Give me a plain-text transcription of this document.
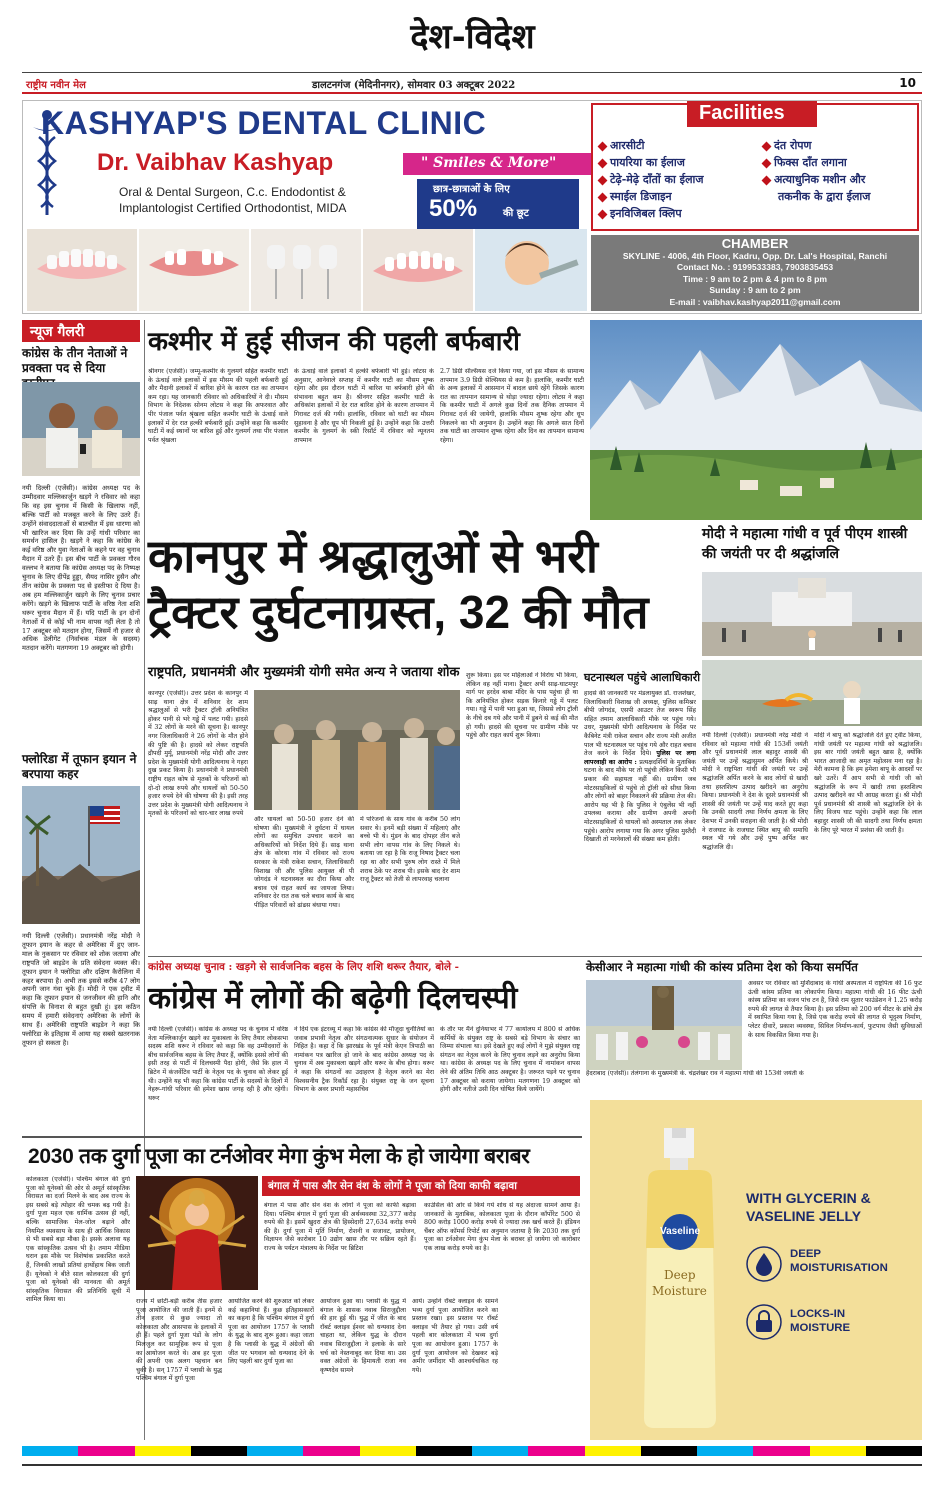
देश-विदेश
राष्ट्रीय नवीन मेल	डालटनगंज (मेदिनीनगर), सोमवार 03 अक्टूबर 2022	10
KASHYAP'S DENTAL CLINIC
Dr. Vaibhav Kashyap	" Smiles & More"
Oral & Dental Surgeon, C.c. Endodontist &
Implantologist Certified Orthodontist, MIDA
छात्र-छात्राओं के लिए
50%	की छूट
Facilities
आरसीटी
पायरिया का ईलाज
टेढ़े-मेढ़े दाँतों का ईलाज
स्माईल डिजाइन
इनविजिबल क्लिप
दंत रोपण
फिक्स दाँत लगाना
अत्याधुनिक मशीन और
तकनीक के द्वारा ईलाज
CHAMBER
SKYLINE - 4006, 4th Floor, Kadru, Opp. Dr. Lal's Hospital, Ranchi
Contact No. : 9199533383, 7903835453
Time : 9 am to 2 pm & 4 pm to 8 pm
Sunday : 9 am to 2 pm
E-mail : vaibhav.kashyap2011@gmail.com
न्यूज गैलरी
कांग्रेस के तीन नेताओं ने प्रवक्ता पद से दिया
नयी दिल्ली (एजेंसी)। कांग्रेस अध्यक्ष पद के उम्मीदवार मल्लिकार्जुन खड़गे ने रविवार को कहा कि वह इस चुनाव में किसी के खिलाफ नहीं, बल्कि पार्टी को मजबूत करने के लिए उतरे हैं। उन्होंने संवाददाताओं से बातचीत में इस धारणा को भी खारिज कर दिया कि उन्हें गांधी परिवार का समर्थन हासिल है। खड़गे ने कहा कि कांग्रेस के कई वरिष्ठ और युवा नेताओं के कहने पर वह चुनाव मैदान में उतरे हैं। इस बीच पार्टी के प्रवक्ता गौरव वल्लभ ने बताया कि कांग्रेस अध्यक्ष पद के निष्पक्ष चुनाव के लिए दीपेंद्र हुड्डा, सैयद नासिर हुसैन और तीन कांग्रेस के प्रवक्ता पद से इस्तीफा दे दिया है। अब हम मल्लिकार्जुन खड़गे के लिए चुनाव प्रचार करेंगे। खड़गे के खिलाफ पार्टी के वरिष्ठ नेता शशि थरूर चुनाव मैदान में हैं। यदि पार्टी के इन दोनों नेताओं में से कोई भी नाम वापस नहीं लेता है तो 17 अक्टूबर को मतदान होगा, जिसमें नौ हजार से अधिक डेलीगेट (निर्वाचक मंडल के सदस्य) मतदान करेंगे। मतगणना 19 अक्टूबर को होगी।
फ्लोरिडा में तूफान इयान ने बरपाया कहर
नयी दिल्ली (एजेंसी)। प्रधानमंत्री नरेंद्र मोदी ने तूफान इयान के कहर से अमेरिका में हुए जान-माल के नुकसान पर रविवार को शोक जताया और राष्ट्रपति जो बाइडेन के प्रति संवेदना व्यक्त की। तूफान इयान ने फ्लोरिडा और दक्षिण कैरोलिना में कहर बरपाया है। अभी तक इससे करीब 47 लोग अपनी जान गंवा चुके हैं। मोदी ने एक ट्वीट में कहा कि तूफान इयान से जनजीवन की हानि और संपत्ति के विनाश से बहुत दुखी हूं। इस कठिन समय में हमारी संवेदनाएं अमेरिका के लोगों के साथ हैं। अमेरिकी राष्ट्रपति बाइडेन ने कहा कि फ्लोरिडा के इतिहास में आया यह सबसे खतरनाक तूफान हो सकता है।
कश्मीर में हुई सीजन की पहली बर्फबारी
श्रीनगर (एजेंसी)। जम्मू-कश्मीर के गुलमर्ग सहित कश्मीर घाटी के ऊंचाई वाले इलाकों में इस मौसम की पहली बर्फबारी हुई और मैदानी इलाकों में बारिश होने के कारण रात का तापमान कम रहा। यह जानकारी रविवार को अधिकारियों ने दी। मौसम विभाग के निदेशक सोनम लोटस ने कहा कि अफरवात और पीर पंजाल पर्वत श्रृंखला सहित कश्मीर घाटी के ऊंचाई वाले इलाकों में देर रात हल्की बर्फबारी हुई। उन्होंने कहा कि कश्मीर घाटी में कई स्थानों पर बारिश हुई और गुलमर्ग तथा पीर पंजाल पर्वत श्रृंखला
के ऊंचाई वाले इलाकों में हल्की बर्फबारी भी हुई। लोटस के अनुसार, आनेवाले सप्ताह में कश्मीर घाटी का मौसम शुष्क रहेगा और इस दौरान घाटी में बारिश या बर्फबारी होने की संभावना बहुत कम है। श्रीनगर सहित कश्मीर घाटी के अधिकांश इलाकों में देर रात बारिश होने के कारण तापमान में गिरावट दर्ज की गयी। हालांकि, रविवार को घाटी का मौसम सुहावना है और धूप भी निकली हुई है। उन्होंने कहा कि उत्तरी कश्मीर के गुलमर्ग के स्की रिसॉर्ट में रविवार को न्यूनतम तापमान
2.7 डिग्री सेल्सियस दर्ज किया गया, जो इस मौसम के सामान्य तापमान 3.9 डिग्री सेल्सियस से कम है। हालांकि, कश्मीर घाटी के अन्य इलाकों में आसमान में बादल छाये रहेंगे जिसके कारण रात का तापमान सामान्य से थोड़ा ज्यादा रहेगा। लोटस ने कहा कि कश्मीर घाटी में अगले कुछ दिनों तक दैनिक तापमान में गिरावट दर्ज की जायेगी, हालांकि मौसम शुष्क रहेगा और धूप निकलने का भी अनुमान है। उन्होंने कहा कि अगले सात दिनों तक घाटी का तापमान शुष्क रहेगा और दिन का तापमान सामान्य रहेगा।
कानपुर में श्रद्धालुओं से भरी
ट्रैक्टर दुर्घटनाग्रस्त, 32 की मौत
राष्ट्रपति, प्रधानमंत्री और मुख्यमंत्री योगी समेत अन्य ने जताया शोक
कानपुर (एजेंसी)। उत्तर प्रदेश के कानपुर में साढ़ थाना क्षेत्र में शनिवार देर शाम श्रद्धालुओं से भरी ट्रैक्टर ट्रॉली अनियंत्रित होकर पानी से भरे गड्ढे में पलट गयी। हादसे में 32 लोगों के मरने की सूचना है। कानपुर नगर जिलाधिकारी ने 26 लोगों के मौत होने की पुष्टि की है। हादसे को लेकर राष्ट्रपति द्रौपदी मुर्मू, प्रधानमंत्री नरेंद्र मोदी और उत्तर प्रदेश के मुख्यमंत्री योगी आदित्यनाथ ने गहरा दुख प्रकट किया है। प्रधानमंत्री ने प्रधानमंत्री राष्ट्रीय राहत कोष से मृतकों के परिजनों को दो-दो लाख रुपये और घायलों को 50-50 हजार रुपये देने की घोषणा की है। इसी तरह उत्तर प्रदेश के मुख्यमंत्री योगी आदित्यनाथ ने मृतकों के परिजनों को चार-चार लाख रुपये
और घायलों को 50-50 हजार देने की घोषणा की। मुख्यमंत्री ने दुर्घटना में घायल लोगों का समुचित उपचार कराने का अधिकारियों को निर्देश दिये हैं। साढ़ थाना क्षेत्र के कोरथा गांव में रविवार को राज्य सरकार के मंत्री राकेश सचान, जिलाधिकारी विशाख जी और पुलिस आयुक्त बी पी जोगदंड ने घटनास्थल का दौरा किया और बचाव एवं राहत कार्य का जायजा लिया। शनिवार देर रात तक चले बचाव कार्य के बाद पीड़ित परिवारों को ढांढस बंधाया गया।
में परिजनों के साथ गांव के करीब 50 लोग सवार थे। इनमें बड़ी संख्या में महिलाएं और बच्चे भी थे। मुंडन के बाद दोपहर तीन बजे सभी लोग वापस गांव के लिए निकले थे। बताया जा रहा है कि राजू निषाद ट्रैक्टर चला रहा था और सभी पुरुष लोग रास्ते में मिले शराब ठेके पर शराब पी। इसके बाद देर शाम राजू ट्रैक्टर को तेजी से लापरवाह चलाना
शुरू किया। इस पर महिलाओं ने विरोध भी किया, लेकिन वह नहीं माना। ट्रैक्टर अभी साढ़-घाटमपुर मार्ग पर हरदेव बाबा मंदिर के पास पहुंचा ही था कि अनियंत्रित होकर सड़क किनारे गड्ढे में पलट गया। गड्ढे में पानी भरा हुआ था, जिससे लोग ट्रॉली के नीचे दब गये और पानी में डूबने से कई की मौत हो गयी। हादसे की सूचना पर ग्रामीण मौके पर पहुंचे और राहत कार्य शुरू किया।
घटनास्थल पहुंचे आलाधिकारी
हादसे की जानकारी पर मंडलायुक्त डॉ. राजशेखर, जिलाधिकारी विशाख जी अध्यक्ष, पुलिस कमिश्नर बीपी जोगदंड, एसपी आउटर तेज स्वरूप सिंह सहित तमाम आलाधिकारी मौके पर पहुंच गये। उधर, मुख्यमंत्री योगी आदित्यनाथ के निर्देश पर कैबिनेट मंत्री राकेश सचान और राज्य मंत्री अजीत पाल भी घटनास्थल पर पहुंच गये और राहत बचाव तेज करने के निर्देश दिये। पुलिस पर लगा लापरवाही का आरोप : प्रत्यक्षदर्शियों के मुताबिक घटना के बाद मौके पर तो पहुंची लेकिन किसी भी प्रकार की सहायता नहीं की। ग्रामीण जब मोटरसाइकिलों से पहुंचे तो ट्रॉली को सीधा किया और लोगों को बाहर निकालने की प्रक्रिया तेज की। आरोप यह भी है कि पुलिस ने एंबुलेंस भी नहीं उपलब्ध कराया और ग्रामीण अपनी अपनी मोटरसाइकिलों से घायलों को अस्पताल तक लेकर पहुंचे। आरोप लगाया गया कि अगर पुलिस मुस्तैदी दिखाती तो मरनेवालों की संख्या कम होती।
मोदी ने महात्मा गांधी व पूर्व पीएम शास्त्री की जयंती पर दी श्रद्धांजलि
नयी दिल्ली (एजेंसी)। प्रधानमंत्री नरेंद्र मोदी ने रविवार को महात्मा गांधी की 153वीं जयंती और पूर्व प्रधानमंत्री लाल बहादुर शास्त्री की जयंती पर उन्हें श्रद्धासुमन अर्पित किये। श्री मोदी ने राष्ट्रपिता गांधी की जयंती पर उन्हें श्रद्धांजलि अर्पित करने के बाद लोगों से खादी तथा हस्तशिल्प उत्पाद खरीदने का अनुरोध किया। प्रधानमंत्री ने देश के दूसरे प्रधानमंत्री श्री शास्त्री की जयंती पर उन्हें याद करते हुए कहा कि उनकी सादगी तथा निर्णय क्षमता के लिए देशभर में उनकी सराहना की जाती है। श्री मोदी ने राजघाट के राजघाट स्थित बापू की समाधि स्थल भी गये और उन्हें पुष्प अर्पित कर श्रद्धांजलि दी।
मोदी ने बापू को श्रद्धांजलि देते हुए ट्वीट किया, गांधी जयंती पर महात्मा गांधी को श्रद्धांजलि। इस बार गांधी जयंती बहुत खास है, क्योंकि भारत आजादी का अमृत महोत्सव मना रहा है। मेरी कामना है कि हम हमेशा बापू के आदर्शों पर खरे उतरें। मैं आप सभी से गांधी जी को श्रद्धांजलि के रूप में खादी तथा हस्तशिल्प उत्पाद खरीदने का भी आग्रह करता हूं। श्री मोदी पूर्व प्रधानमंत्री श्री शास्त्री को श्रद्धांजलि देने के लिए विजय घाट पहुंचे। उन्होंने कहा कि लाल बहादुर शास्त्री जी की सादगी तथा निर्णय क्षमता के लिए पूरे भारत में प्रशंसा की जाती है।
कांग्रेस अध्यक्ष चुनाव : खड़गे से सार्वजनिक बहस के लिए शशि थरूर तैयार, बोले -
कांग्रेस में लोगों की बढ़ेगी दिलचस्पी
नयी दिल्ली (एजेंसी)। कांग्रेस के अध्यक्ष पद के चुनाव में वरिष्ठ नेता मल्लिकार्जुन खड़गे का मुकाबला के लिए तैयार लोकसभा सदस्य शशि थरूर ने रविवार को कहा कि वह उम्मीदवारों के बीच सार्वजनिक बहस के लिए तैयार हैं, क्योंकि इससे लोगों की इसी तरह से पार्टी में दिलचस्पी पैदा होगी, जैसे कि हाल में ब्रिटेन में कंजर्वेटिव पार्टी के नेतृत्व पद के चुनाव को लेकर हुई थी। उन्होंने यह भी कहा कि कांग्रेस पार्टी के सदस्यों के दिलों में नेहरू-गांधी परिवार की हमेशा खास जगह रही है और रहेगी। थरूर
ने दिये एक इंटरव्यू में कहा कि कांग्रेस की मौजूदा चुनौतियों का जवाब प्रभावी नेतृत्व और संगठनात्मक सुधार के संयोजन में निहित है। कहा दें कि झारखंड के पूर्व मंत्री केएन त्रिपाठी का नामांकन पत्र खारिज हो जाने के बाद कांग्रेस अध्यक्ष पद के चुनाव में अब मुकाबला खड़गे और थरूर के बीच होगा। थरूर ने कहा कि संगठनों का उदाहरण है नेतृत्व करने का मेरा विश्वसनीय ट्रैक रिकॉर्ड रहा है। संयुक्त राष्ट्र के जन सूचना विभाग के अवर प्रभारी महासचिव
के तौर पर मैंने दुनियाभर में 77 कार्यालय में 800 से अधिक कर्मियों के संयुक्त राष्ट्र के सबसे बड़े विभाग के संचार का जिम्मा संभाला था। इसे देखते हुए कई लोगों ने मुझे संयुक्त राष्ट्र संगठन का नेतृत्व करने के लिए चुनाव लड़ने का अनुरोध किया था। कांग्रेस के अध्यक्ष पद के लिए चुनाव में नामांकन वापस लेने की अंतिम तिथि आठ अक्टूबर है। जरूरत पड़ने पर चुनाव 17 अक्टूबर को कराया जायेगा। मतगणना 19 अक्टूबर को होगी और नतीजे उसी दिन घोषित किये जायेंगे।
केसीआर ने महात्मा गांधी की कांस्य प्रतिमा देश को किया समर्पित
अवसर पर रविवार को मुर्शिदाबाद के गांधी अस्पताल में राष्ट्रपिता की 16 फुट ऊंची कांस्य प्रतिमा का लोकार्पण किया। महात्मा गांधी की 16 फीट ऊंची कांस्य प्रतिमा का वजन पांच टन है, जिसे राम सुतार फाउंडेशन ने 1.25 करोड़ रुपये की लागत से तैयार किया है। इस प्रतिमा को 200 वर्ग मीटर के ढांचे क्षेत्र में स्थापित किया गया है, जिसे एक करोड़ रुपये की लागत से भूदृश्य निर्माण, प्लेटर दीवारें, प्रकाश व्यवस्था, सिविल निर्माण-कार्य, फुटपाथ जैसी सुविधाओं के साथ विकसित किया गया है।
हैदराबाद (एजेंसी)। तेलंगाना के मुख्यमंत्री के. चंद्रशेखर राव ने महात्मा गांधी की 153वीं जयंती के
2030 तक दुर्गा पूजा का टर्नओवर मेगा कुंभ मेला के हो जायेगा बराबर
कोलकाता (एजेंसी)। पश्चिम बंगाल की दुर्गा पूजा को यूनेस्को की ओर से अमूर्त सांस्कृतिक विरासत का दर्जा मिलने के बाद अब राज्य के इस सबसे बड़े त्योहार की चमक बढ़ गयी है। दुर्गा पूजा महज एक धार्मिक उत्सव ही नहीं, बल्कि सामाजिक मेल-जोल बढ़ाने और नियमित व्यवसाय के साथ ही आर्थिक विकास से भी सबसे बड़ा मौका है। इसके अलावा यह एक सांस्कृतिक उत्सव भी है। तमाम मीडिया घरान इस मौके पर विशेषांक प्रकाशित करते हैं, जिनकी लाखों प्रतियां हाथोंहाथ बिक जाती हैं। यूनेस्को ने बीते साल कोलकाता की दुर्गा पूजा को यूनेस्को की मानवता की अमूर्त सांस्कृतिक विरासत की प्रतिनिधि सूची में शामिल किया था।
बंगाल में पास और सेन वंश के लोगों ने पूजा को दिया काफी बढ़ावा
बंगाल में पास और सेन वंश के लोगों ने पूजा को काफी बढ़ावा दिया। पश्चिम बंगाल में दुर्गा पूजा की अर्थव्यवस्था 32,377 करोड़ रुपये की है। इसमें खुदरा क्षेत्र की हिस्सेदारी 27,634 करोड़ रुपये की है। दुर्गा पूजा में मूर्ति निर्माण, रोशनी व सजावट, प्रायोजन, विज्ञापन जैसे कारोबार 10 उद्योग खास तौर पर सक्रिय रहते हैं। राज्य के पर्यटन मंत्रालय के निर्देश पर ब्रिटिश
काउंसिल की ओर से किये गये शोध से यह अंदाजा सामने आया है। जानकारों के मुताबिक, कोलकाता पूजा के दौरान कॉर्पोरेट 500 से 800 करोड़ 1000 करोड़ रुपये से ज्यादा तक खर्च करते हैं। इंडियन चैंबर ऑफ कॉमर्स रिपोर्ट का अनुमान जताया है कि 2030 तक दुर्गा पूजा का टर्नओवर मेगा कुंभ मेला के बराबर हो जायेगा जो कारोबार एक लाख करोड़ रुपये का है।
राज्य में छोटी-बड़ी करीब तीस हजार पूजा आयोजित की जाती हैं। इनमें से तीन हजार से कुछ ज्यादा तो कोलकाता और आसपास के इलाकों में ही हैं। पहले दुर्गा पूजा पंडों के लोग मिलजुल कर सामूहिक रूप से पूजा का आयोजन करते थे। अब हर पूजा की अपनी एक अलग पहचान बन चुकी है। सन् 1757 में प्लासी के युद्ध पश्चिम बंगाल में दुर्गा पूजा
आयोजित करने की शुरुआत को लेकर कई कहानियां हैं। कुछ इतिहासकारों का कहना है कि पश्चिम बंगाल में दुर्गा पूजा का आयोजन 1757 के प्लासी के युद्ध के बाद शुरू हुआ। कहा जाता है कि प्लासी के युद्ध में अंग्रेजों की जीत पर भगवान को धन्यवाद देने के लिए पहली बार दुर्गा पूजा का
आयोजन हुआ था। प्लासी के युद्ध में बंगाल के शासक नवाब सिराजुद्दौला की हार हुई थी। युद्ध में जीत के बाद रॉबर्ट क्लाइव ईश्वर को धन्यवाद देना चाहता था, लेकिन युद्ध के दौरान नवाब सिराजुद्दौला ने इलाके के सारे चर्च को नेस्तनाबूद कर दिया था। उस वक्त अंग्रेजों के हिमायती राजा नव कृष्णदेव सामने
आये। उन्होंने रॉबर्ट क्लाइव के सामने भव्य दुर्गा पूजा आयोजित करने का प्रस्ताव रखा। इस प्रस्ताव पर रॉबर्ट क्लाइव भी तैयार हो गया। उसी वर्ष पहली बार कोलकाता में भव्य दुर्गा पूजा का आयोजन हुआ। 1757 के दुर्गा पूजा आयोजन को देखकर बड़े अमीर जमींदार भी आश्चर्यचकित रह गये।
Vaseline
Deep
Moisture
WITH GLYCERIN &
VASELINE JELLY
DEEP
MOISTURISATION
LOCKS-IN
MOISTURE
